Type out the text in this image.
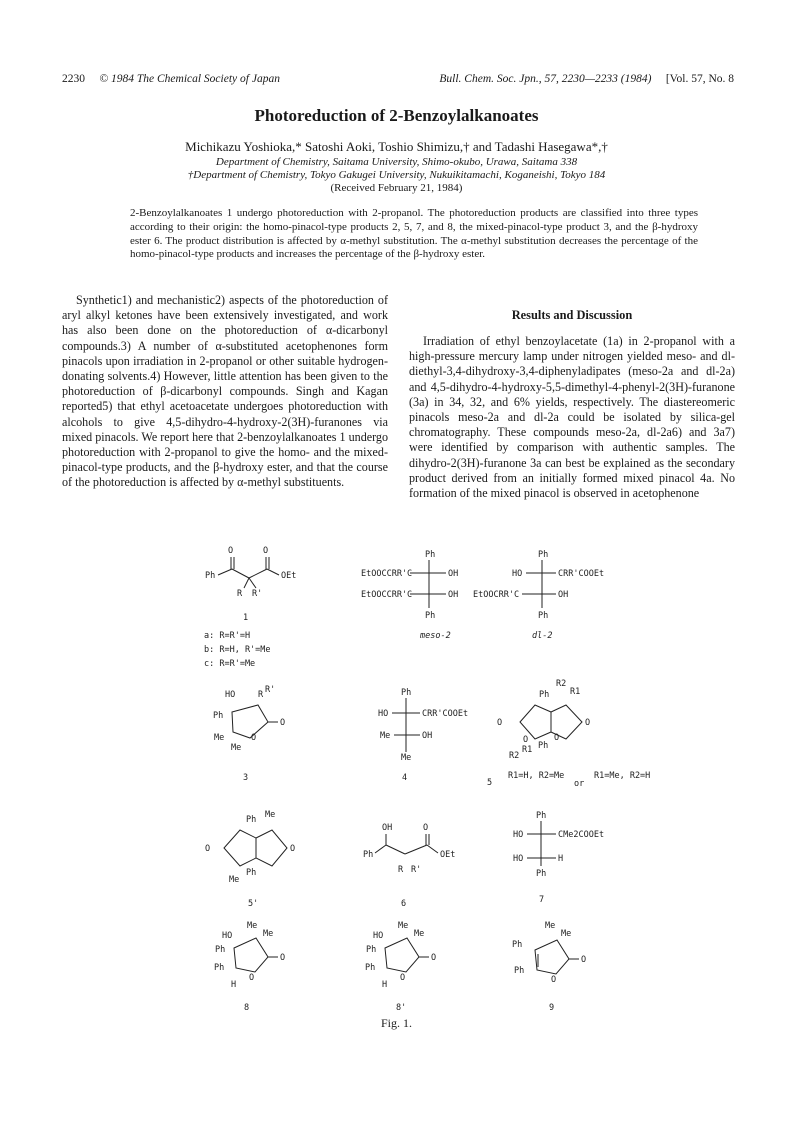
2230 © 1984 The Chemical Society of Japan	Bull. Chem. Soc. Jpn., 57, 2230—2233 (1984) [Vol. 57, No. 8
Photoreduction of 2-Benzoylalkanoates
Michikazu Yoshioka,* Satoshi Aoki, Toshio Shimizu,† and Tadashi Hasegawa*,†
Department of Chemistry, Saitama University, Shimo-okubo, Urawa, Saitama 338
†Department of Chemistry, Tokyo Gakugei University, Nukuikitamachi, Koganeishi, Tokyo 184
(Received February 21, 1984)
2-Benzoylalkanoates 1 undergo photoreduction with 2-propanol. The photoreduction products are classified into three types according to their origin: the homo-pinacol-type products 2, 5, 7, and 8, the mixed-pinacol-type product 3, and the β-hydroxy ester 6. The product distribution is affected by α-methyl substitution. The α-methyl substitution decreases the percentage of the homo-pinacol-type products and increases the percentage of the β-hydroxy ester.

Synthetic1) and mechanistic2) aspects of the photoreduction of aryl alkyl ketones have been extensively investigated, and work has also been done on the photoreduction of α-dicarbonyl compounds.3) A number of α-substituted acetophenones form pinacols upon irradiation in 2-propanol or other suitable hydrogen-donating solvents.4) However, little attention has been given to the photoreduction of β-dicarbonyl compounds. Singh and Kagan reported5) that ethyl acetoacetate undergoes photoreduction with alcohols to give 4,5-dihydro-4-hydroxy-2(3H)-furanones via mixed pinacols. We report here that 2-benzoylalkanoates 1 undergo photoreduction with 2-propanol to give the homo- and the mixed-pinacol-type products, and the β-hydroxy ester, and that the course of the photoreduction is affected by α-methyl substituents.

Results and Discussion

Irradiation of ethyl benzoylacetate (1a) in 2-propanol with a high-pressure mercury lamp under nitrogen yielded meso- and dl-diethyl-3,4-dihydroxy-3,4-diphenyladipates (meso-2a and dl-2a) and 4,5-dihydro-4-hydroxy-5,5-dimethyl-4-phenyl-2(3H)-furanone (3a) in 34, 32, and 6% yields, respectively. The diastereomeric pinacols meso-2a and dl-2a could be isolated by silica-gel chromatography. These compounds meso-2a, dl-2a6) and 3a7) were identified by comparison with authentic samples. The dihydro-2(3H)-furanone 3a can best be explained as the secondary product derived from an initially formed mixed pinacol 4a. No formation of the mixed pinacol is observed in acetophenone

O	O
Ph	OEt
R R'
1
a: R=R'=H
b: R=H, R'=Me
c: R=R'=Me
Ph
EtOOCCRR'C	OH
EtOOCCRR'C	OH
Ph
meso-2
Ph
HO	CRR'COOEt
EtOOCRR'C	OH
Ph
dl-2
HO	R R'
Ph
Me
Me
O
O
3
Ph
HO	CRR'COOEt
Me	OH
Me
4
Ph
R2
R1
O	O
O	O
Ph
R2
R1
5
R1=H, R2=Me
or
R1=Me, R2=H
Ph Me
O	O
Ph
Me
5'
OH	O
Ph	OEt
R R'
6
Ph
HO	CMe2COOEt
HO	H
Ph
7
Me
Me
HO
O
Ph
Ph
O
H
8
Me
Me
HO
O
Ph
Ph
O
H
8'
Me
Me
O
Ph
Ph
O
9
Fig. 1.
